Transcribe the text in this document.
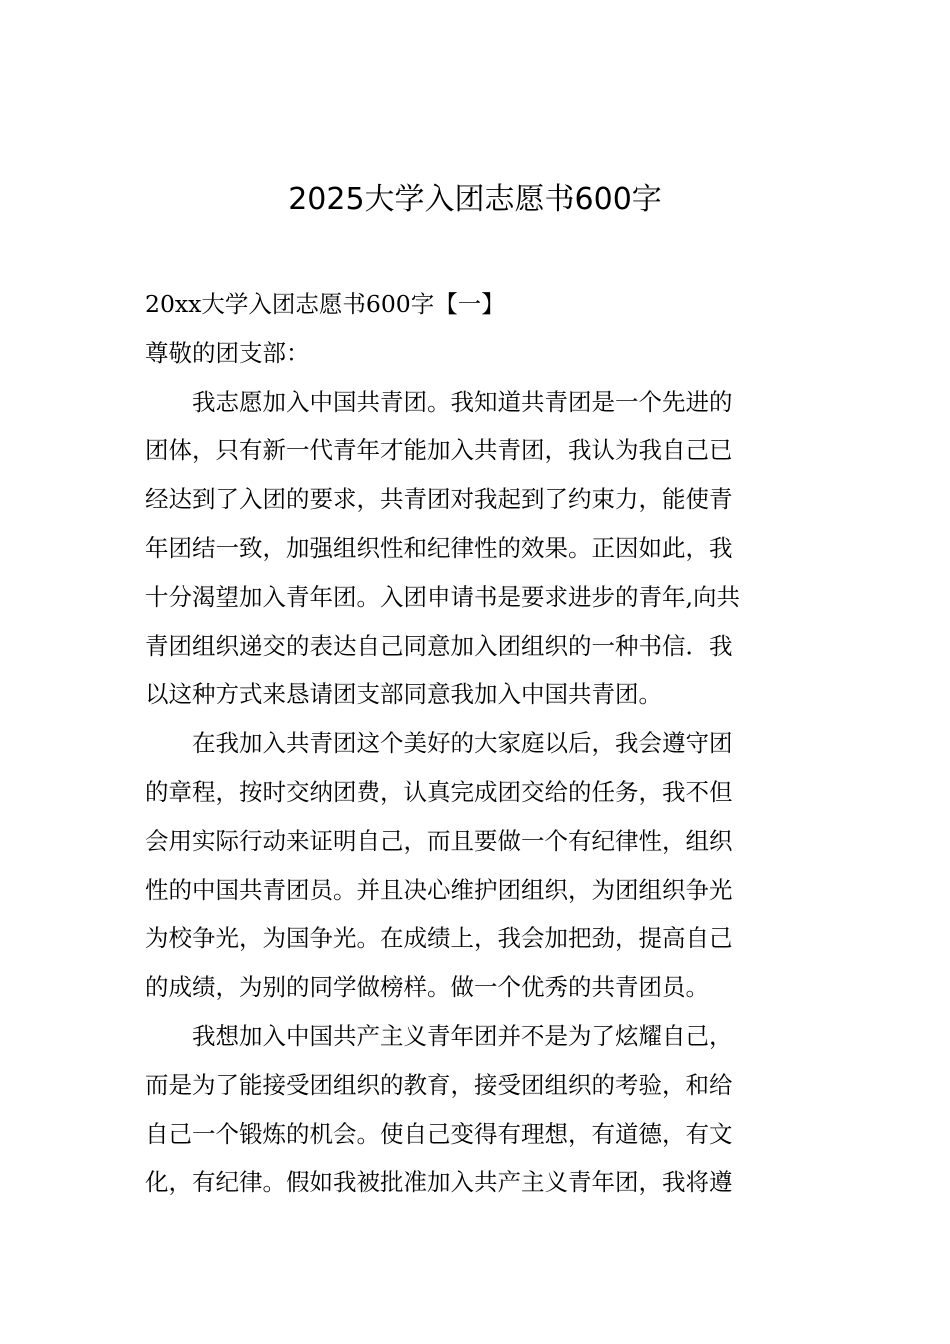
2025大学入团志愿书600字
20xx大学入团志愿书600字【一】
尊敬的团支部：
　　我志愿加入中国共青团。我知道共青团是一个先进的
团体，只有新一代青年才能加入共青团，我认为我自己已
经达到了入团的要求，共青团对我起到了约束力，能使青
年团结一致，加强组织性和纪律性的效果。正因如此，我
十分渴望加入青年团。入团申请书是要求进步的青年,向共
青团组织递交的表达自己同意加入团组织的一种书信．我
以这种方式来恳请团支部同意我加入中国共青团。
　　在我加入共青团这个美好的大家庭以后，我会遵守团
的章程，按时交纳团费，认真完成团交给的任务，我不但
会用实际行动来证明自己，而且要做一个有纪律性，组织
性的中国共青团员。并且决心维护团组织，为团组织争光
为校争光，为国争光。在成绩上，我会加把劲，提高自己
的成绩，为别的同学做榜样。做一个优秀的共青团员。
　　我想加入中国共产主义青年团并不是为了炫耀自己，
而是为了能接受团组织的教育，接受团组织的考验，和给
自己一个锻炼的机会。使自己变得有理想，有道德，有文
化，有纪律。假如我被批准加入共产主义青年团，我将遵
